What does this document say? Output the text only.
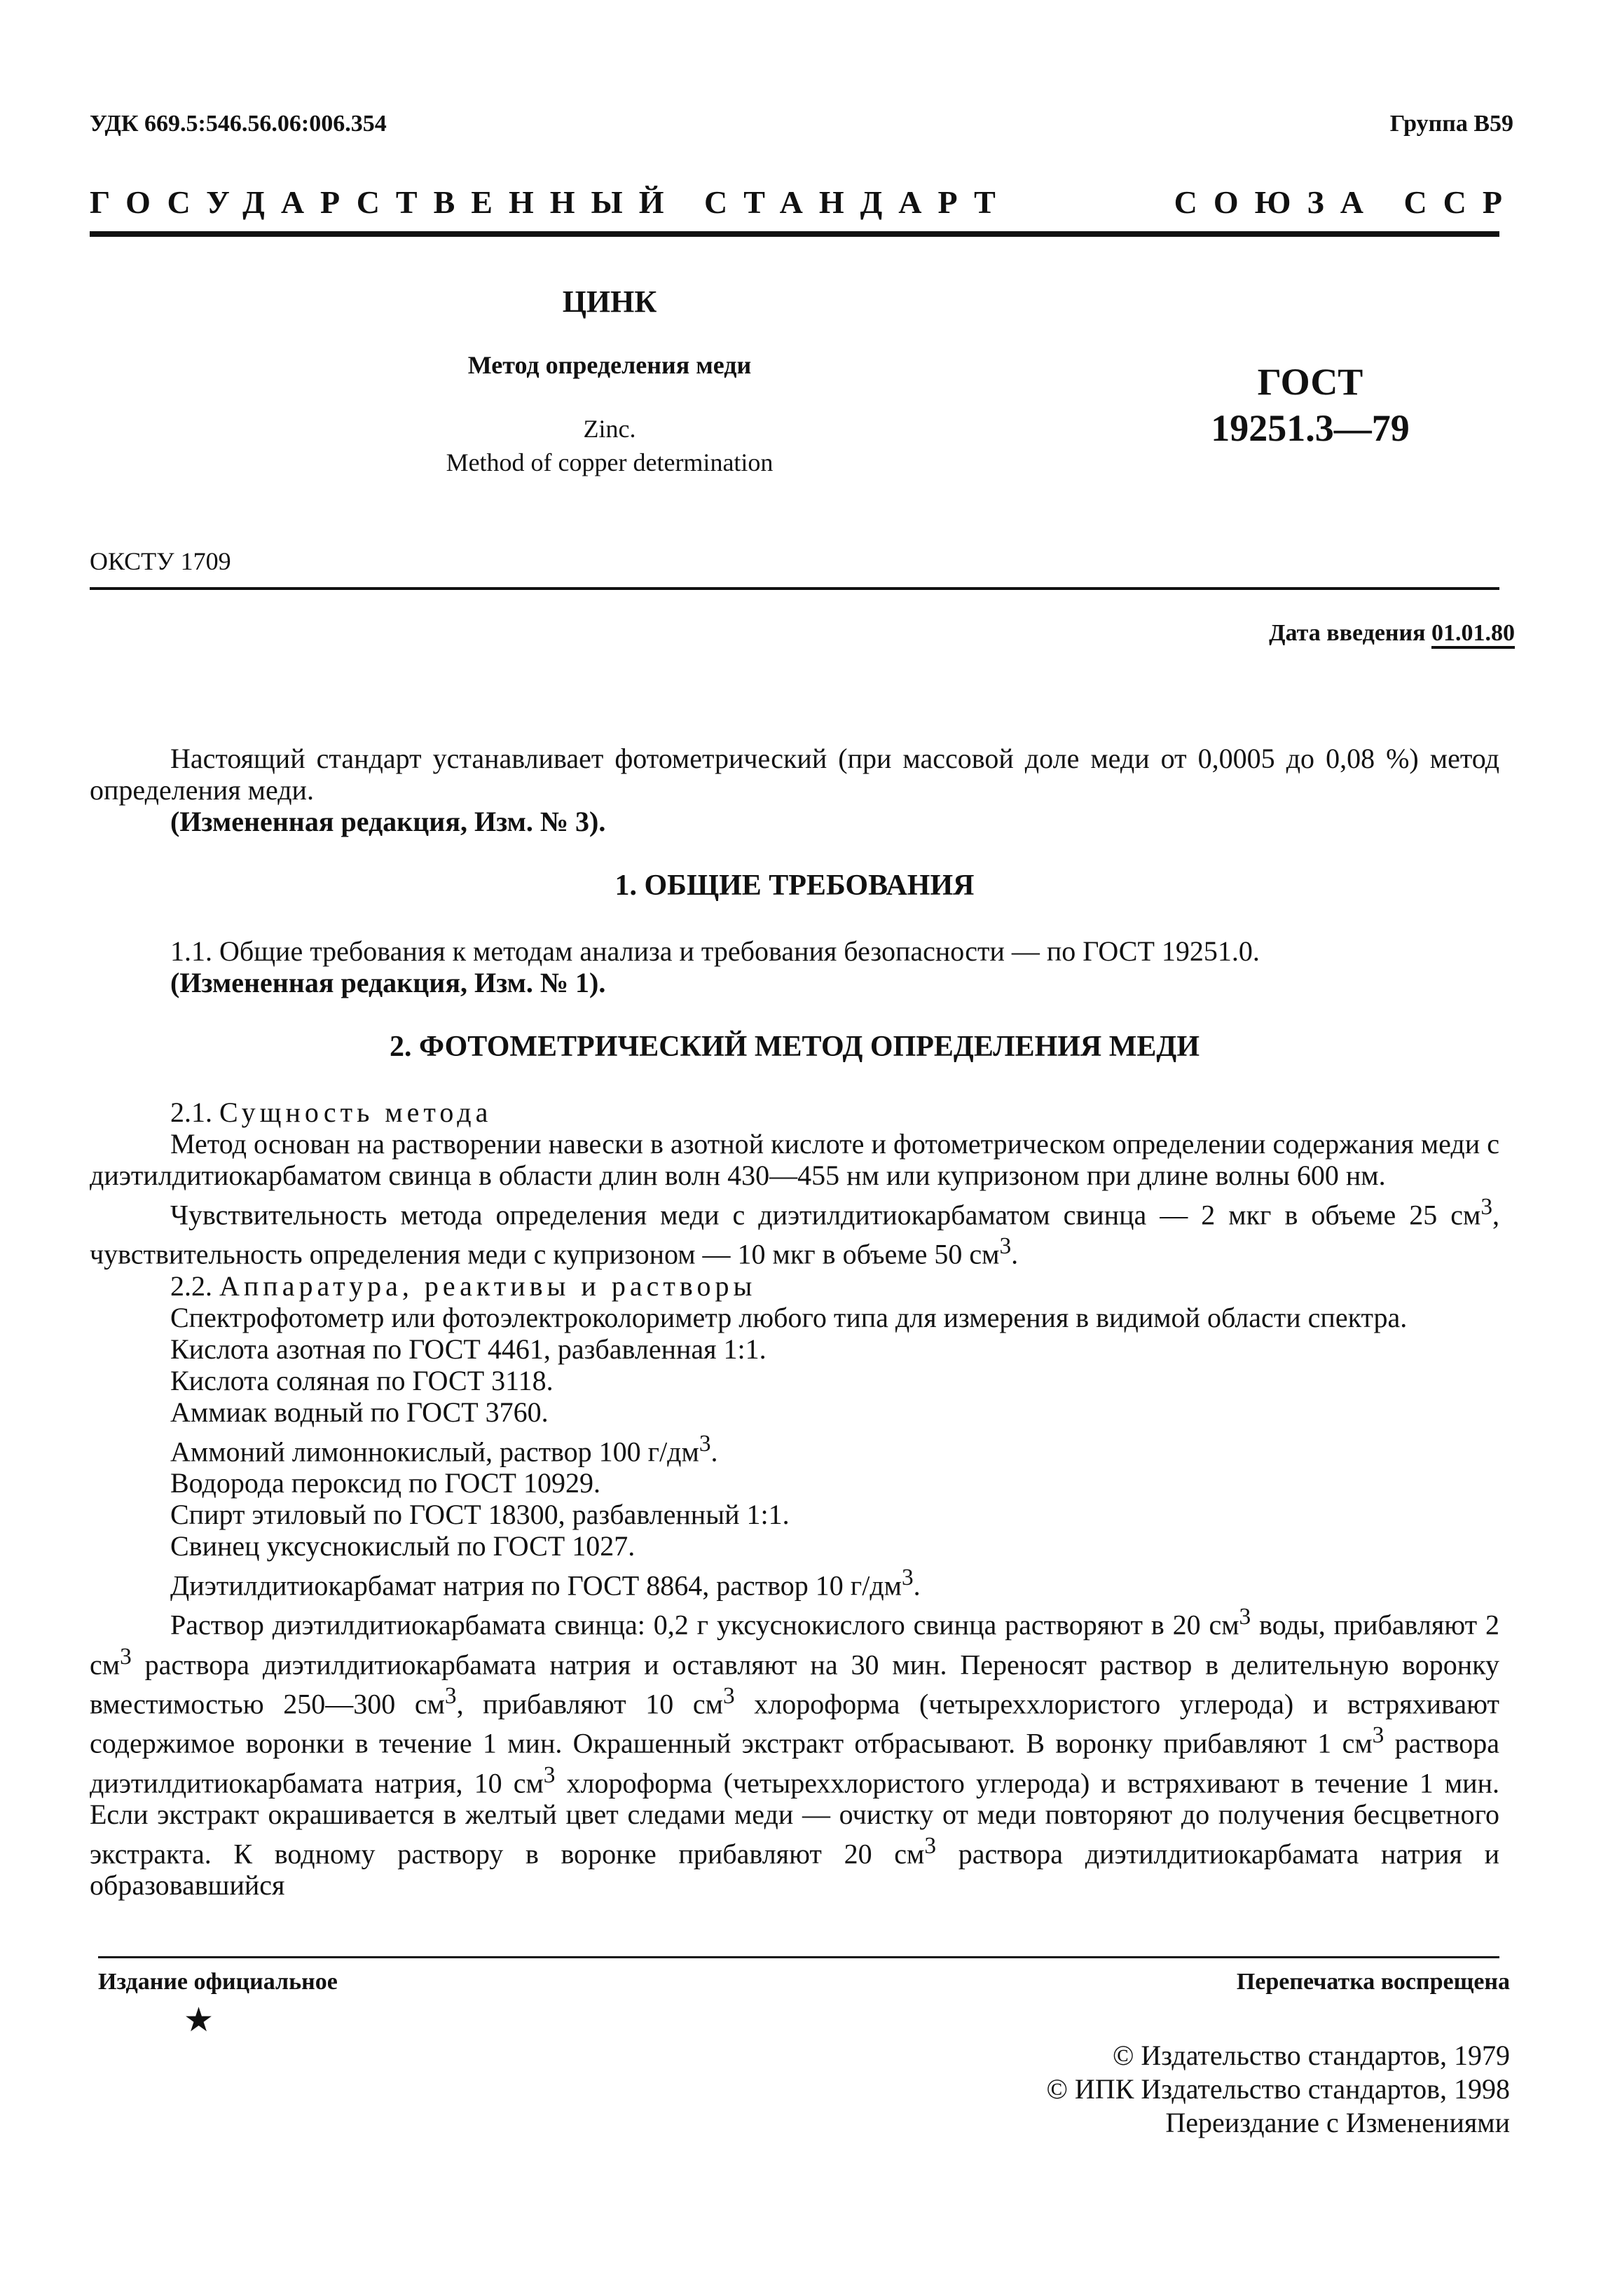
УДК 669.5:546.56.06:006.354	Группа В59
ГОСУДАРСТВЕННЫЙ СТАНДАРТ	СОЮЗА ССР
ЦИНК
Метод определения меди
Zinc.
Method of copper determination
ГОСТ
19251.3—79
ОКСТУ 1709
Дата введения 01.01.80

Настоящий стандарт устанавливает фотометрический (при массовой доле меди от 0,0005 до 0,08 %) метод определения меди.

(Измененная редакция, Изм. № 3).

1. ОБЩИЕ ТРЕБОВАНИЯ

1.1. Общие требования к методам анализа и требования безопасности — по ГОСТ 19251.0.

(Измененная редакция, Изм. № 1).

2. ФОТОМЕТРИЧЕСКИЙ МЕТОД ОПРЕДЕЛЕНИЯ МЕДИ

2.1. Сущность метода

Метод основан на растворении навески в азотной кислоте и фотометрическом определении содержания меди с диэтилдитиокарбаматом свинца в области длин волн 430—455 нм или купризоном при длине волны 600 нм.

Чувствительность метода определения меди с диэтилдитиокарбаматом свинца — 2 мкг в объеме 25 $см^3$, чувствительность определения меди с купризоном — 10 мкг в объеме 50 $см^3$.

2.2. Аппаратура, реактивы и растворы

Спектрофотометр или фотоэлектроколориметр любого типа для измерения в видимой области спектра.

Кислота азотная по ГОСТ 4461, разбавленная 1:1.

Кислота соляная по ГОСТ 3118.

Аммиак водный по ГОСТ 3760.

Аммоний лимоннокислый, раствор 100 $г/дм^3$.

Водорода пероксид по ГОСТ 10929.

Спирт этиловый по ГОСТ 18300, разбавленный 1:1.

Свинец уксуснокислый по ГОСТ 1027.

Диэтилдитиокарбамат натрия по ГОСТ 8864, раствор 10 $г/дм^3$.

Раствор диэтилдитиокарбамата свинца: 0,2 г уксуснокислого свинца растворяют в 20 $см^3$ воды, прибавляют 2 $см^3$ раствора диэтилдитиокарбамата натрия и оставляют на 30 мин. Переносят раствор в делительную воронку вместимостью 250—300 $см^3$, прибавляют 10 $см^3$ хлороформа (четыреххлористого углерода) и встряхивают содержимое воронки в течение 1 мин. Окрашенный экстракт отбрасывают. В воронку прибавляют 1 $см^3$ раствора диэтилдитиокарбамата натрия, 10 $см^3$ хлороформа (четыреххлористого углерода) и встряхивают в течение 1 мин. Если экстракт окрашивается в желтый цвет следами меди — очистку от меди повторяют до получения бесцветного экстракта. К водному раствору в воронке прибавляют 20 $см^3$ раствора диэтилдитиокарбамата натрия и образовавшийся

Издание официальное	Перепечатка воспрещена
★
© Издательство стандартов, 1979
© ИПК Издательство стандартов, 1998
Переиздание с Изменениями
